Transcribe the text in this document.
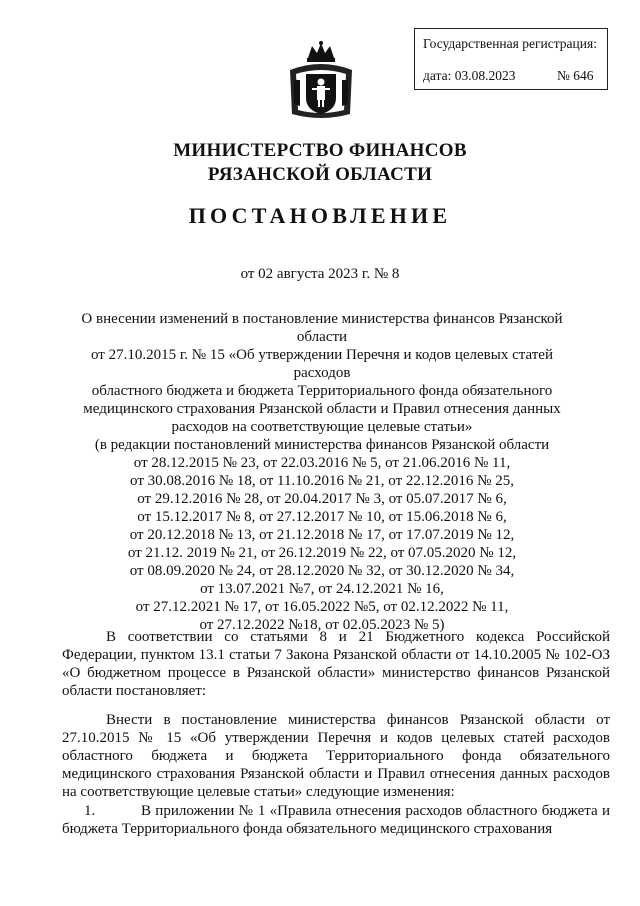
Государственная регистрация:
дата: 03.08.2023	№ 646
МИНИСТЕРСТВО ФИНАНСОВ
РЯЗАНСКОЙ ОБЛАСТИ
ПОСТАНОВЛЕНИЕ
от 02 августа 2023 г. № 8
О внесении изменений в постановление министерства финансов Рязанской области
от 27.10.2015 г. № 15 «Об утверждении Перечня и кодов целевых статей расходов
областного бюджета и бюджета Территориального фонда обязательного
медицинского страхования Рязанской области и Правил отнесения данных
расходов на соответствующие целевые статьи»
(в редакции постановлений министерства финансов Рязанской области
от 28.12.2015 № 23, от 22.03.2016 № 5, от 21.06.2016 № 11,
от 30.08.2016 № 18, от 11.10.2016 № 21, от 22.12.2016 № 25,
от 29.12.2016 № 28, от 20.04.2017 № 3, от 05.07.2017 № 6,
от 15.12.2017 № 8, от 27.12.2017 № 10, от 15.06.2018 № 6,
от 20.12.2018 № 13, от 21.12.2018 № 17, от 17.07.2019 № 12,
от 21.12. 2019 № 21, от 26.12.2019 № 22, от 07.05.2020 № 12,
от 08.09.2020 № 24, от 28.12.2020 № 32, от 30.12.2020 № 34,
от 13.07.2021 №7, от 24.12.2021 № 16,
от 27.12.2021 № 17, от 16.05.2022 №5, от 02.12.2022 № 11,
от 27.12.2022 №18, от 02.05.2023 № 5)
В соответствии со статьями 8 и 21 Бюджетного кодекса Российской Федерации, пунктом 13.1 статьи 7 Закона Рязанской области от 14.10.2005 № 102-ОЗ «О бюджетном процессе в Рязанской области» министерство финансов Рязанской области постановляет:
Внести в постановление министерства финансов Рязанской области от 27.10.2015 № 15 «Об утверждении Перечня и кодов целевых статей расходов областного бюджета и бюджета Территориального фонда обязательного медицинского страхования Рязанской области и Правил отнесения данных расходов на соответствующие целевые статьи» следующие изменения:
1.	В приложении № 1 «Правила отнесения расходов областного бюджета и бюджета Территориального фонда обязательного медицинского страхования
